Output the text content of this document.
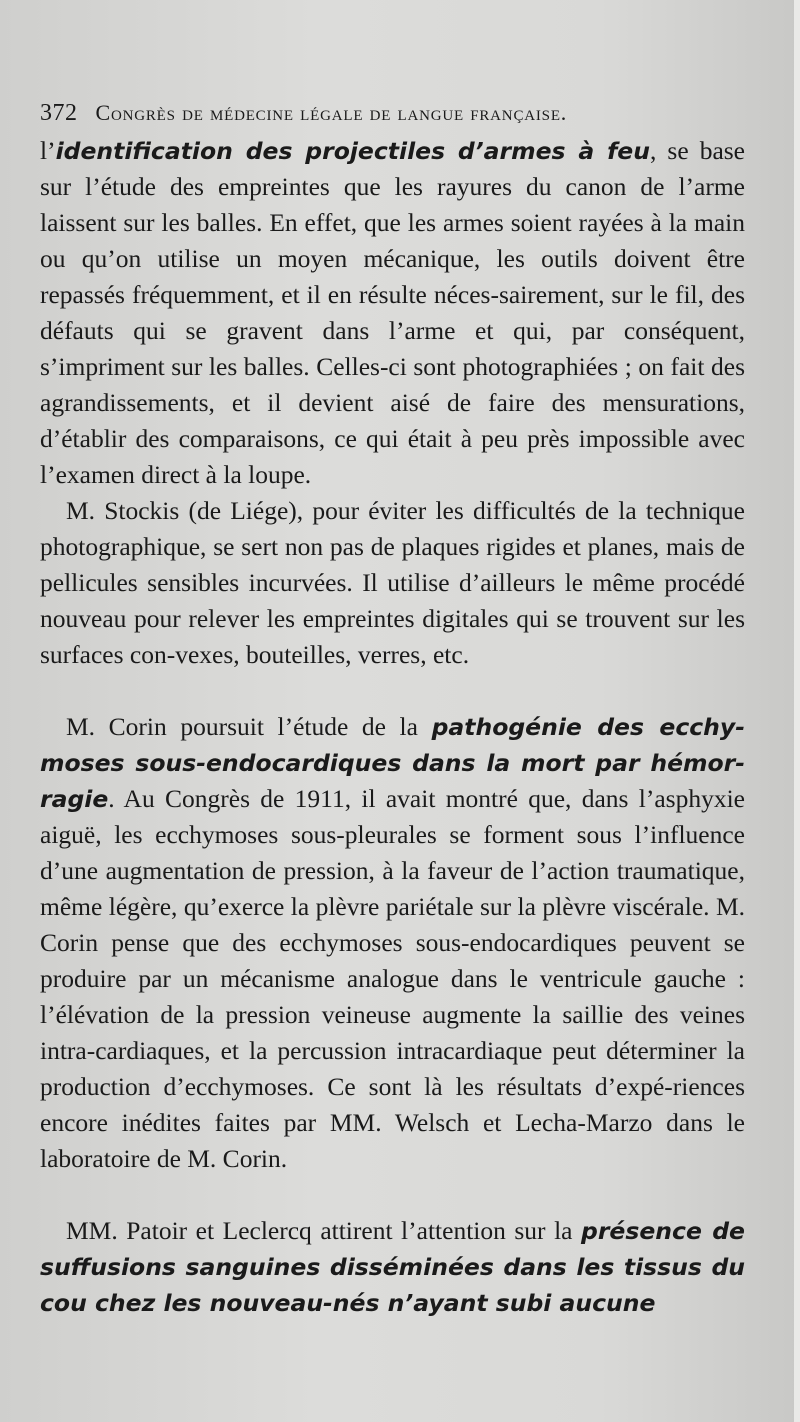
372 Congrès de médecine légale de langue française.

l’identification des projectiles d’armes à feu, se base sur l’étude des empreintes que les rayures du canon de l’arme laissent sur les balles. En effet, que les armes soient rayées à la main ou qu’on utilise un moyen mécanique, les outils doivent être repassés fréquemment, et il en résulte néces-sairement, sur le fil, des défauts qui se gravent dans l’arme et qui, par conséquent, s’impriment sur les balles. Celles-ci sont photographiées ; on fait des agrandissements, et il devient aisé de faire des mensurations, d’établir des comparaisons, ce qui était à peu près impossible avec l’examen direct à la loupe.

M. Stockis (de Liége), pour éviter les difficultés de la technique photographique, se sert non pas de plaques rigides et planes, mais de pellicules sensibles incurvées. Il utilise d’ailleurs le même procédé nouveau pour relever les empreintes digitales qui se trouvent sur les surfaces con-vexes, bouteilles, verres, etc.

M. Corin poursuit l’étude de la pathogénie des ecchy-moses sous-endocardiques dans la mort par hémor-ragie. Au Congrès de 1911, il avait montré que, dans l’asphyxie aiguë, les ecchymoses sous-pleurales se forment sous l’influence d’une augmentation de pression, à la faveur de l’action traumatique, même légère, qu’exerce la plèvre pariétale sur la plèvre viscérale. M. Corin pense que des ecchymoses sous-endocardiques peuvent se produire par un mécanisme analogue dans le ventricule gauche : l’élévation de la pression veineuse augmente la saillie des veines intra-cardiaques, et la percussion intracardiaque peut déterminer la production d’ecchymoses. Ce sont là les résultats d’expé-riences encore inédites faites par MM. Welsch et Lecha-Marzo dans le laboratoire de M. Corin.

MM. Patoir et Leclercq attirent l’attention sur la présence de suffusions sanguines disséminées dans les tissus du cou chez les nouveau-nés n’ayant subi aucune
